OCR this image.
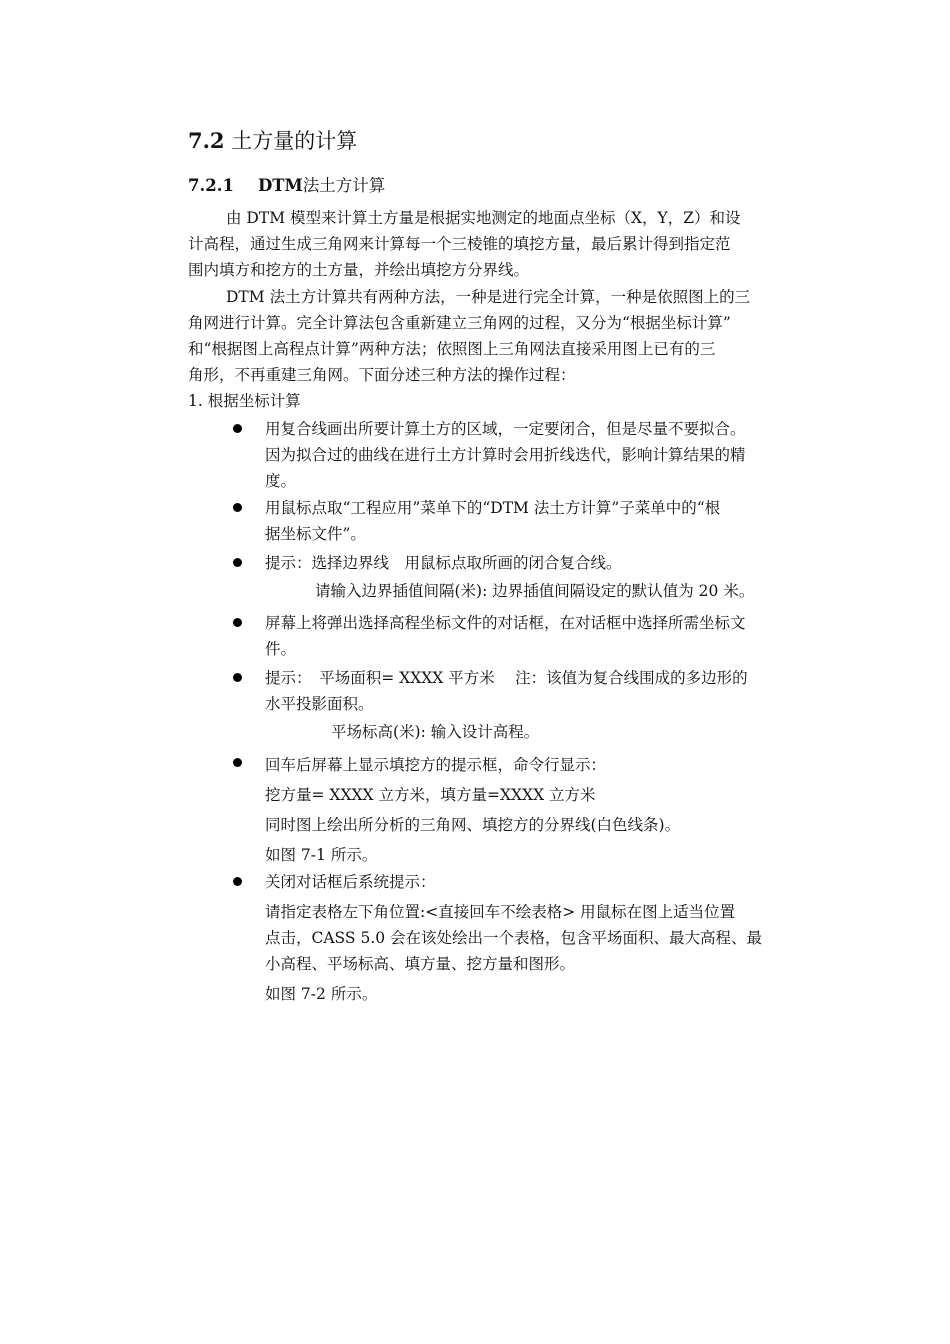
7.2 土方量的计算
7.2.1 DTM法土方计算
由 DTM 模型来计算土方量是根据实地测定的地面点坐标（X，Y，Z）和设
计高程，通过生成三角网来计算每一个三棱锥的填挖方量，最后累计得到指定范
围内填方和挖方的土方量，并绘出填挖方分界线。
DTM 法土方计算共有两种方法，一种是进行完全计算，一种是依照图上的三
角网进行计算。完全计算法包含重新建立三角网的过程，又分为“根据坐标计算”
和“根据图上高程点计算”两种方法；依照图上三角网法直接采用图上已有的三
角形，不再重建三角网。下面分述三种方法的操作过程：
1. 根据坐标计算
用复合线画出所要计算土方的区域，一定要闭合，但是尽量不要拟合。
因为拟合过的曲线在进行土方计算时会用折线迭代，影响计算结果的精
度。
用鼠标点取“工程应用”菜单下的“DTM 法土方计算”子菜单中的“根
据坐标文件”。
提示：选择边界线　用鼠标点取所画的闭合复合线。
请输入边界插值间隔(米): 边界插值间隔设定的默认值为 20 米。
屏幕上将弹出选择高程坐标文件的对话框，在对话框中选择所需坐标文
件。
提示：　平场面积= XXXX 平方米　 注：该值为复合线围成的多边形的
水平投影面积。
平场标高(米): 输入设计高程。
回车后屏幕上显示填挖方的提示框，命令行显示：
挖方量= XXXX 立方米，填方量=XXXX 立方米
同时图上绘出所分析的三角网、填挖方的分界线(白色线条)。
如图 7-1 所示。
关闭对话框后系统提示：
请指定表格左下角位置:<直接回车不绘表格> 用鼠标在图上适当位置
点击，CASS 5.0 会在该处绘出一个表格，包含平场面积、最大高程、最
小高程、平场标高、填方量、挖方量和图形。
如图 7-2 所示。
